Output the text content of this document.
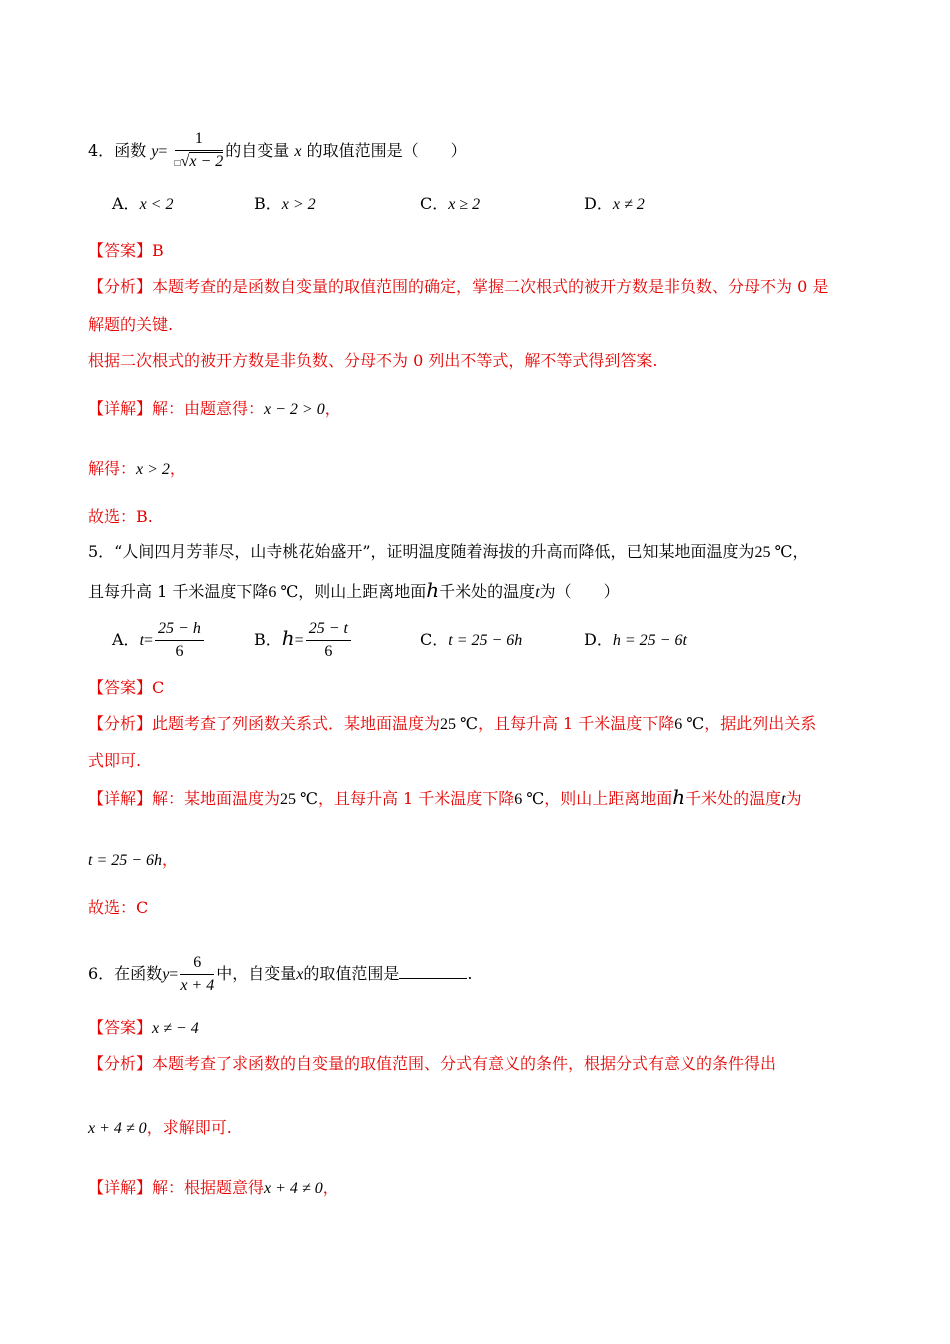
4．函数 $y= \frac{1}{□√x - 2}$ 的自变量 x 的取值范围是（　　）
A．x < 2	B．x > 2	C．x ≥ 2	D．x ≠ 2
【答案】B
【分析】本题考查的是函数自变量的取值范围的确定，掌握二次根式的被开方数是非负数、分母不为 0 是
解题的关键.
根据二次根式的被开方数是非负数、分母不为 0 列出不等式，解不等式得到答案.
【详解】解：由题意得：x − 2 > 0，
解得：x > 2，
故选：B.
5．“人间四月芳菲尽，山寺桃花始盛开”，证明温度随着海拔的升高而降低，已知某地面温度为25 ℃，
且每升高 1 千米温度下降6 ℃，则山上距离地面h千米处的温度t为（　　）
A．$t= \frac{25 - h}{6}$	B．$h= \frac{25 - t}{6}$	C．t = 25 − 6h	D．h = 25 − 6t
【答案】C
【分析】此题考查了列函数关系式．某地面温度为25 ℃，且每升高 1 千米温度下降6 ℃，据此列出关系
式即可.
【详解】解：某地面温度为25 ℃，且每升高 1 千米温度下降6 ℃，则山上距离地面h千米处的温度t为
t = 25 − 6h，
故选：C
6．在函数$y= \frac{6}{x + 4}$ 中，自变量x的取值范围是	.
【答案】x ≠ − 4
【分析】本题考查了求函数的自变量的取值范围、分式有意义的条件，根据分式有意义的条件得出
x + 4 ≠ 0，求解即可.
【详解】解：根据题意得x + 4 ≠ 0，
